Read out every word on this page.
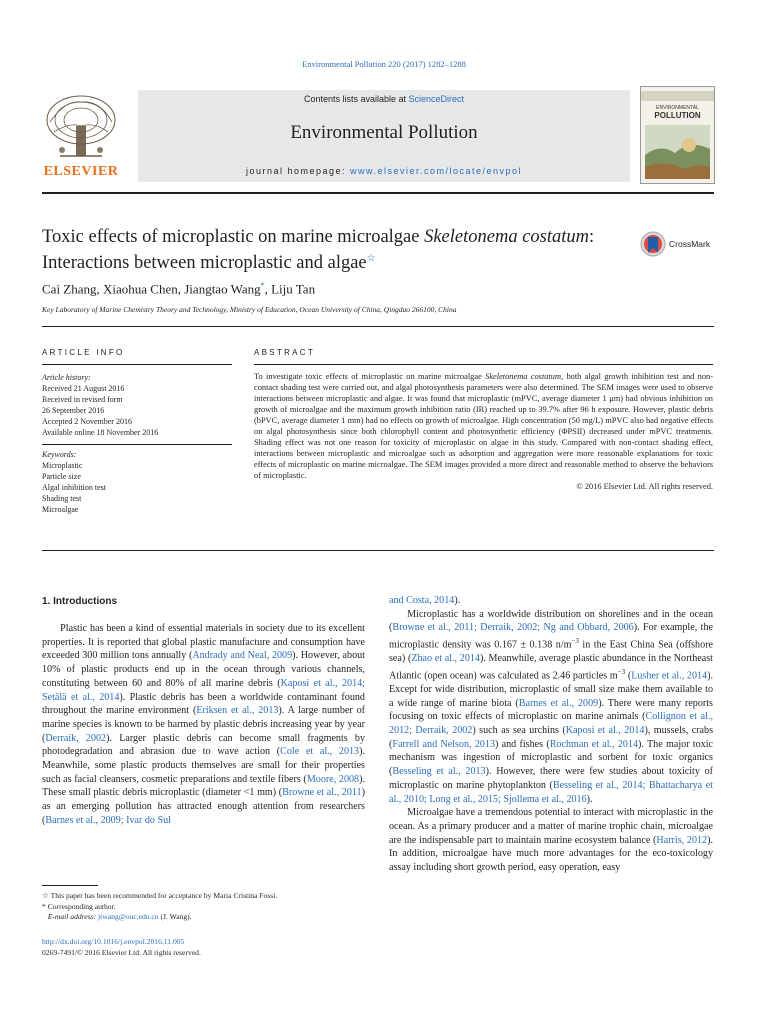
Environmental Pollution 220 (2017) 1282–1288
ELSEVIER
Contents lists available at ScienceDirect
Environmental Pollution
journal homepage: www.elsevier.com/locate/envpol
ENVIRONMENTAL
POLLUTION
Toxic effects of microplastic on marine microalgae Skeletonema costatum: Interactions between microplastic and algae☆
CrossMark
Cai Zhang, Xiaohua Chen, Jiangtao Wang*, Liju Tan
Key Laboratory of Marine Chemistry Theory and Technology, Ministry of Education, Ocean University of China, Qingdao 266100, China
ARTICLE INFO
Article history:
Received 21 August 2016
Received in revised form
26 September 2016
Accepted 2 November 2016
Available online 18 November 2016
Keywords:
Microplastic
Particle size
Algal inhibition test
Shading test
Microalgae
ABSTRACT
To investigate toxic effects of microplastic on marine microalgae Skeletonema costatum, both algal growth inhibition test and non-contact shading test were carried out, and algal photosynthesis parameters were also determined. The SEM images were used to observe interactions between microplastic and algae. It was found that microplastic (mPVC, average diameter 1 μm) had obvious inhibition on growth of microalgae and the maximum growth inhibition ratio (IR) reached up to 39.7% after 96 h exposure. However, plastic debris (bPVC, average diameter 1 mm) had no effects on growth of microalgae. High concentration (50 mg/L) mPVC also had negative effects on algal photosynthesis since both chlorophyll content and photosynthetic efficiency (ΦPSII) decreased under mPVC treatments. Shading effect was not one reason for toxicity of microplastic on algae in this study. Compared with non-contact shading effect, interactions between microplastic and microalgae such as adsorption and aggregation were more reasonable explanations for toxic effects of microplastic on marine microalgae. The SEM images provided a more direct and reasonable method to observe the behaviors of microplastic.
© 2016 Elsevier Ltd. All rights reserved.
1. Introductions

Plastic has been a kind of essential materials in society due to its excellent properties. It is reported that global plastic manufacture and consumption have exceeded 300 million tons annually (Andrady and Neal, 2009). However, about 10% of plastic products end up in the ocean through various channels, constituting between 60 and 80% of all marine debris (Kaposi et al., 2014; Setälä et al., 2014). Plastic debris has been a worldwide contaminant found throughout the marine environment (Eriksen et al., 2013). A large number of marine species is known to be harmed by plastic debris increasing year by year (Derraik, 2002). Larger plastic debris can become small fragments by photodegradation and abrasion due to wave action (Cole et al., 2013). Meanwhile, some plastic products themselves are small for their properties such as facial cleansers, cosmetic preparations and textile fibers (Moore, 2008). These small plastic debris microplastic (diameter <1 mm) (Browne et al., 2011) as an emerging pollution has attracted enough attention from researchers (Barnes et al., 2009; Ivar do Sul

and Costa, 2014).

Microplastic has a worldwide distribution on shorelines and in the ocean (Browne et al., 2011; Derraik, 2002; Ng and Obbard, 2006). For example, the microplastic density was 0.167 ± 0.138 $n/m^{-3}$ in the East China Sea (offshore sea) (Zhao et al., 2014). Meanwhile, average plastic abundance in the Northeast Atlantic (open ocean) was calculated as 2.46 particles $m^{-3}$ (Lusher et al., 2014). Except for wide distribution, microplastic of small size make them available to a wide range of marine biota (Barnes et al., 2009). There were many reports focusing on toxic effects of microplastic on marine animals (Collignon et al., 2012; Derraik, 2002) such as sea urchins (Kaposi et al., 2014), mussels, crabs (Farrell and Nelson, 2013) and fishes (Rochman et al., 2014). The major toxic mechanism was ingestion of microplastic and sorbent for toxic organics (Besseling et al., 2013). However, there were few studies about toxicity of microplastic on marine phytoplankton (Besseling et al., 2014; Bhattacharya et al., 2010; Long et al., 2015; Sjollema et al., 2016).

Microalgae have a tremendous potential to interact with microplastic in the ocean. As a primary producer and a matter of marine trophic chain, microalgae are the indispensable part to maintain marine ecosystem balance (Harris, 2012). In addition, microalgae have much more advantages for the eco-toxicology assay including short growth period, easy operation, easy

☆ This paper has been recommended for acceptance by Maria Cristina Fossi.
* Corresponding author.
E-mail address: jtwang@ouc.edu.cn (J. Wang).
http://dx.doi.org/10.1016/j.envpol.2016.11.005
0269-7491/© 2016 Elsevier Ltd. All rights reserved.
